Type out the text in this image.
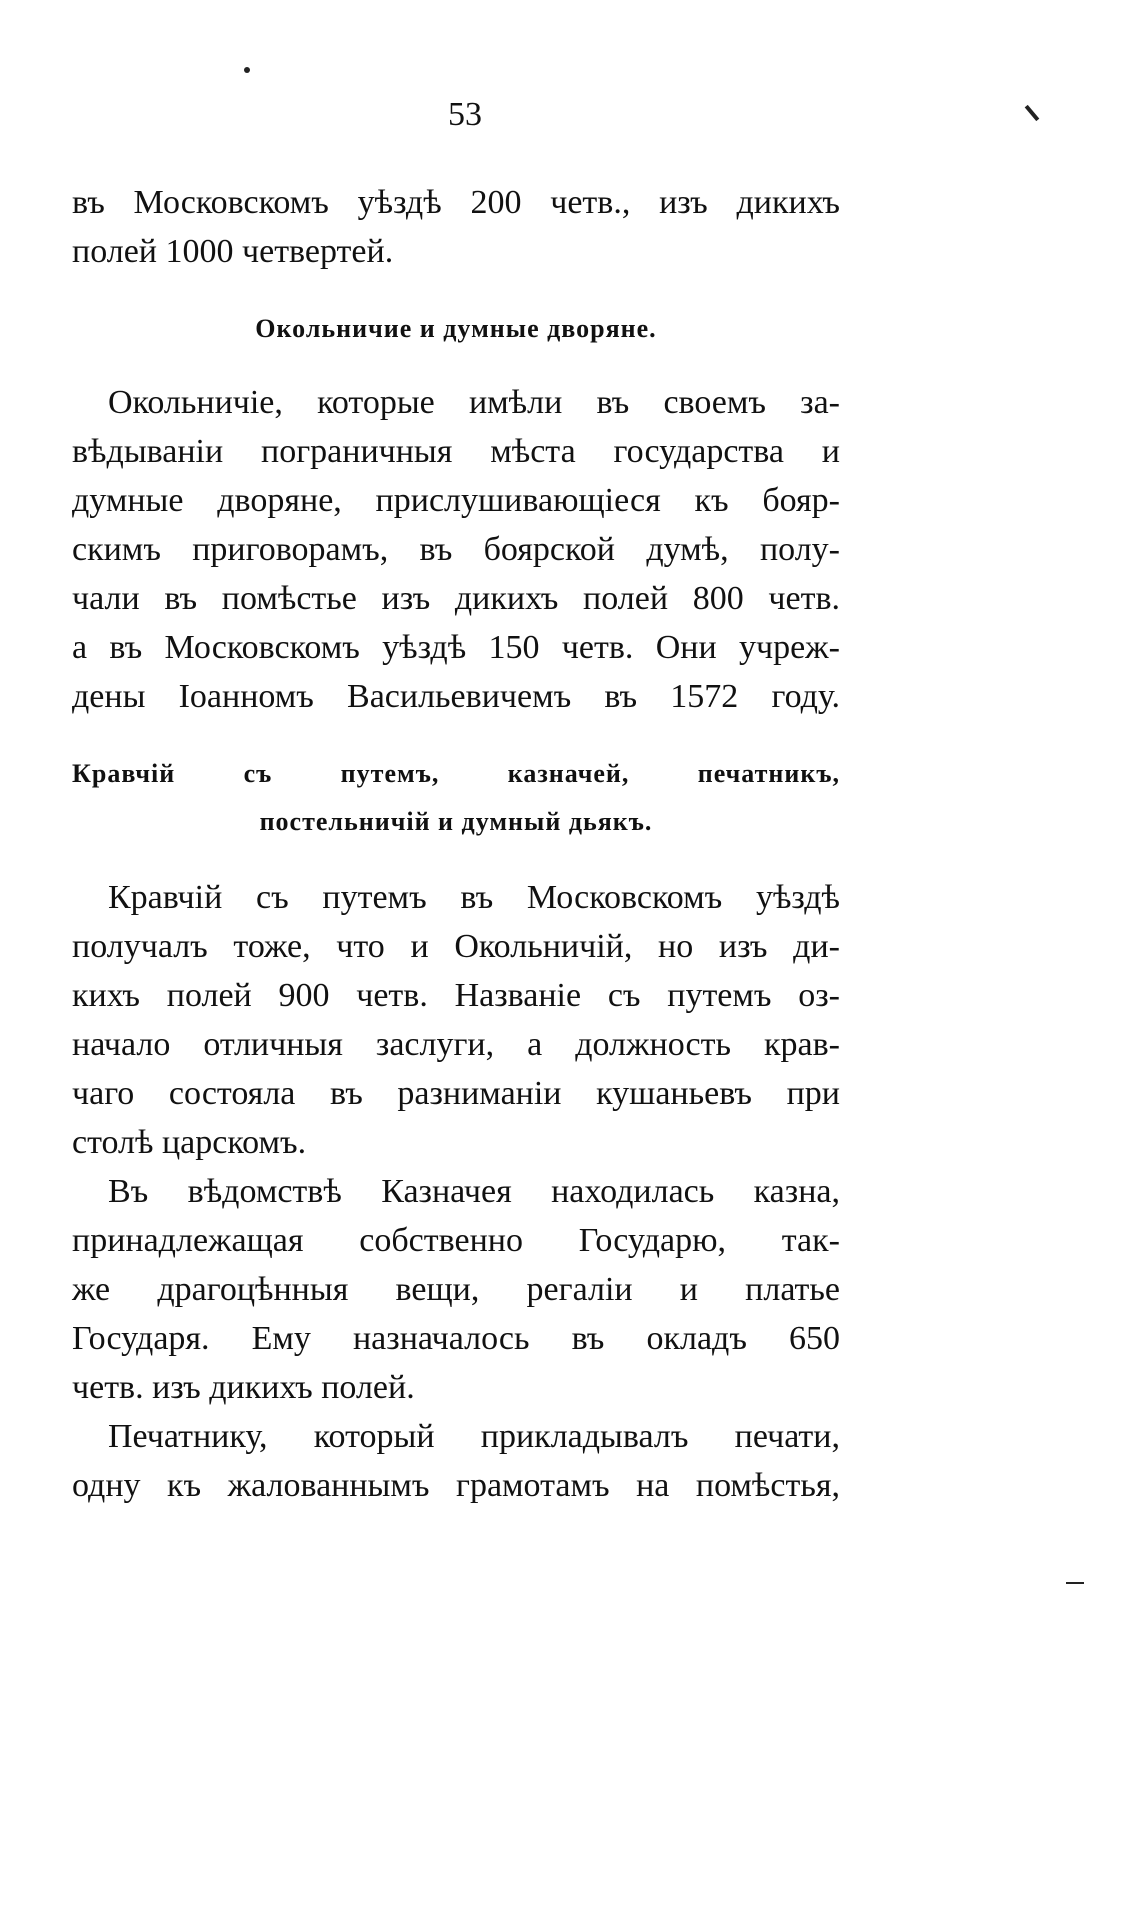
53
въ Московскомъ уѣздѣ 200 четв., изъ дикихъ
полей 1000 четвертей.
Окольничие и думные дворяне.
Окольничіе, которые имѣли въ своемъ за-
вѣдываніи пограничныя мѣста государства и
думные дворяне, прислушивающіеся къ бояр-
скимъ приговорамъ, въ боярской думѣ, полу-
чали въ помѣстье изъ дикихъ полей 800 четв.
а въ Московскомъ уѣздѣ 150 четв. Они учреж-
дены Іоанномъ Васильевичемъ въ 1572 году.
Кравчій съ путемъ, казначей, печатникъ,
постельничій и думный дьякъ.
Кравчій съ путемъ въ Московскомъ уѣздѣ
получалъ тоже, что и Окольничій, но изъ ди-
кихъ полей 900 четв. Названіе съ путемъ оз-
начало отличныя заслуги, а должность крав-
чаго состояла въ разниманіи кушаньевъ при
столѣ царскомъ.
Въ вѣдомствѣ Казначея находилась казна,
принадлежащая собственно Государю, так-
же драгоцѣнныя вещи, регаліи и платье
Государя. Ему назначалось въ окладъ 650
четв. изъ дикихъ полей.
Печатнику, который прикладывалъ печати,
одну къ жалованнымъ грамотамъ на помѣстья,
